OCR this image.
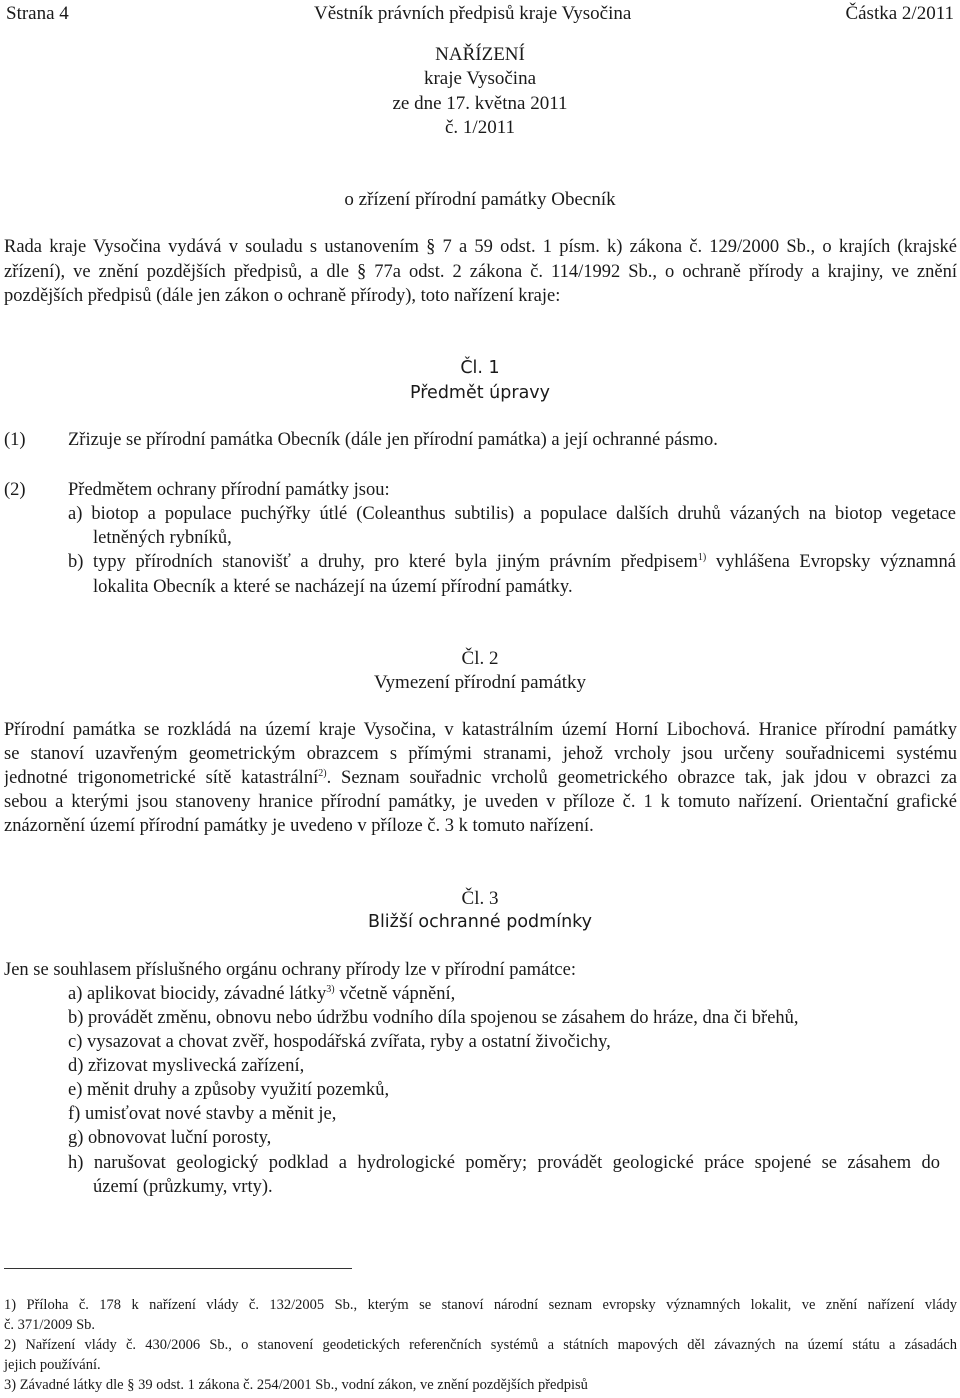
Strana 4	Věstník právních předpisů kraje Vysočina	Částka 2/2011
NAŘÍZENÍ
kraje Vysočina
ze dne 17. května 2011
č. 1/2011
o zřízení přírodní památky Obecník
Rada kraje Vysočina vydává v souladu s ustanovením § 7 a 59 odst. 1 písm. k) zákona č. 129/2000 Sb., o krajích (krajské
zřízení), ve znění pozdějších předpisů, a dle § 77a odst. 2 zákona č. 114/1992 Sb., o ochraně přírody a krajiny, ve znění
pozdějších předpisů (dále jen zákon o ochraně přírody), toto nařízení kraje:
Čl. 1
Předmět úpravy
(1) Zřizuje se přírodní památka Obecník (dále jen přírodní památka) a její ochranné pásmo.
(2) Předmětem ochrany přírodní památky jsou:
a) biotop a populace puchýřky útlé (Coleanthus subtilis) a populace dalších druhů vázaných na biotop vegetace
letněných rybníků,
b) typy přírodních stanovišť a druhy, pro které byla jiným právním předpisem$^{1)}$ vyhlášena Evropsky významná
lokalita Obecník a které se nacházejí na území přírodní památky.
Čl. 2
Vymezení přírodní památky
Přírodní památka se rozkládá na území kraje Vysočina, v katastrálním území Horní Libochová. Hranice přírodní památky
se stanoví uzavřeným geometrickým obrazcem s přímými stranami, jehož vrcholy jsou určeny souřadnicemi systému
jednotné trigonometrické sítě katastrální$^{2)}$. Seznam souřadnic vrcholů geometrického obrazce tak, jak jdou v obrazci za
sebou a kterými jsou stanoveny hranice přírodní památky, je uveden v příloze č. 1 k tomuto nařízení. Orientační grafické
znázornění území přírodní památky je uvedeno v příloze č. 3 k tomuto nařízení.
Čl. 3
Bližší ochranné podmínky
Jen se souhlasem příslušného orgánu ochrany přírody lze v přírodní památce:
a) aplikovat biocidy, závadné látky$^{3)}$ včetně vápnění,
b) provádět změnu, obnovu nebo údržbu vodního díla spojenou se zásahem do hráze, dna či břehů,
c) vysazovat a chovat zvěř, hospodářská zvířata, ryby a ostatní živočichy,
d) zřizovat myslivecká zařízení,
e) měnit druhy a způsoby využití pozemků,
f) umisťovat nové stavby a měnit je,
g) obnovovat luční porosty,
h) narušovat geologický podklad a hydrologické poměry; provádět geologické práce spojené se zásahem do
území (průzkumy, vrty).
1) Příloha č. 178 k nařízení vlády č. 132/2005 Sb., kterým se stanoví národní seznam evropsky významných lokalit, ve znění nařízení vlády
č. 371/2009 Sb.
2) Nařízení vlády č. 430/2006 Sb., o stanovení geodetických referenčních systémů a státních mapových děl závazných na území státu a zásadách
jejich používání.
3) Závadné látky dle § 39 odst. 1 zákona č. 254/2001 Sb., vodní zákon, ve znění pozdějších předpisů
